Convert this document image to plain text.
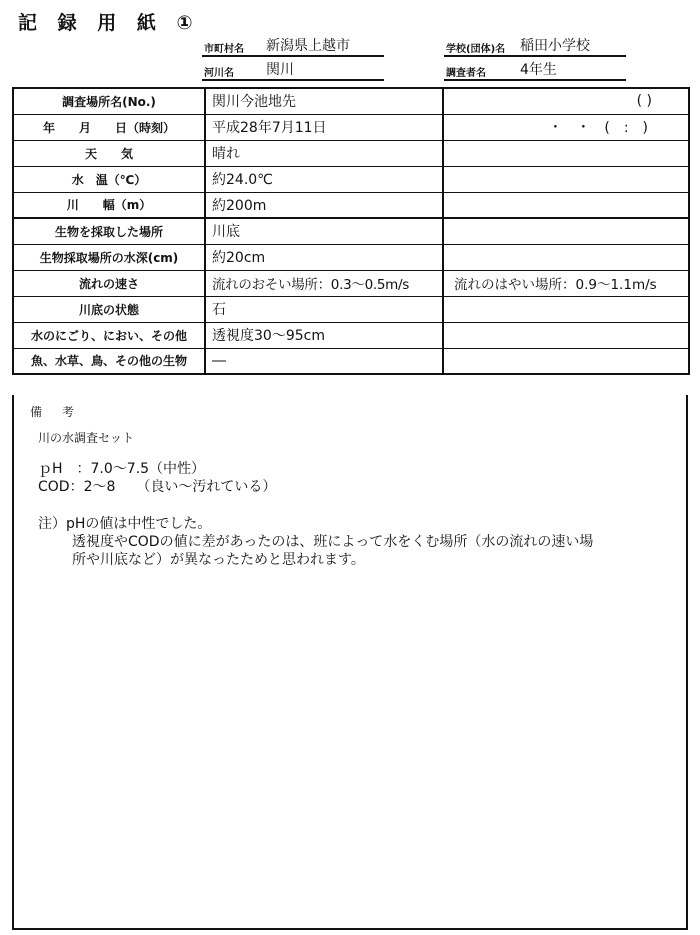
記 録 用 紙 ①
市町村名 新潟県上越市	学校(団体)名 稲田小学校
河川名 関川	調査者名 4年生
調査場所名(No.)	関川今池地先	( )
年　　月　　日（時刻）	平成28年7月11日	・　・　(　:　)
天　　気	晴れ	
水　温（℃）	約24.0℃	
川　　幅（m）	約200m	
生物を採取した場所	川底	
生物採取場所の水深(cm)	約20cm	
流れの速さ	流れのおそい場所：0.3～0.5m/s	流れのはやい場所：0.9～1.1m/s
川底の状態	石	
水のにごり、におい、その他	透視度30～95cm	
魚、水草、鳥、その他の生物	―	
備 考
川の水調査セット
ｐH　：7.0～7.5（中性）
COD：2～8　　（良い～汚れている）
注）pHの値は中性でした。
透視度やCODの値に差があったのは、班によって水をくむ場所（水の流れの速い場
所や川底など）が異なったためと思われます。
